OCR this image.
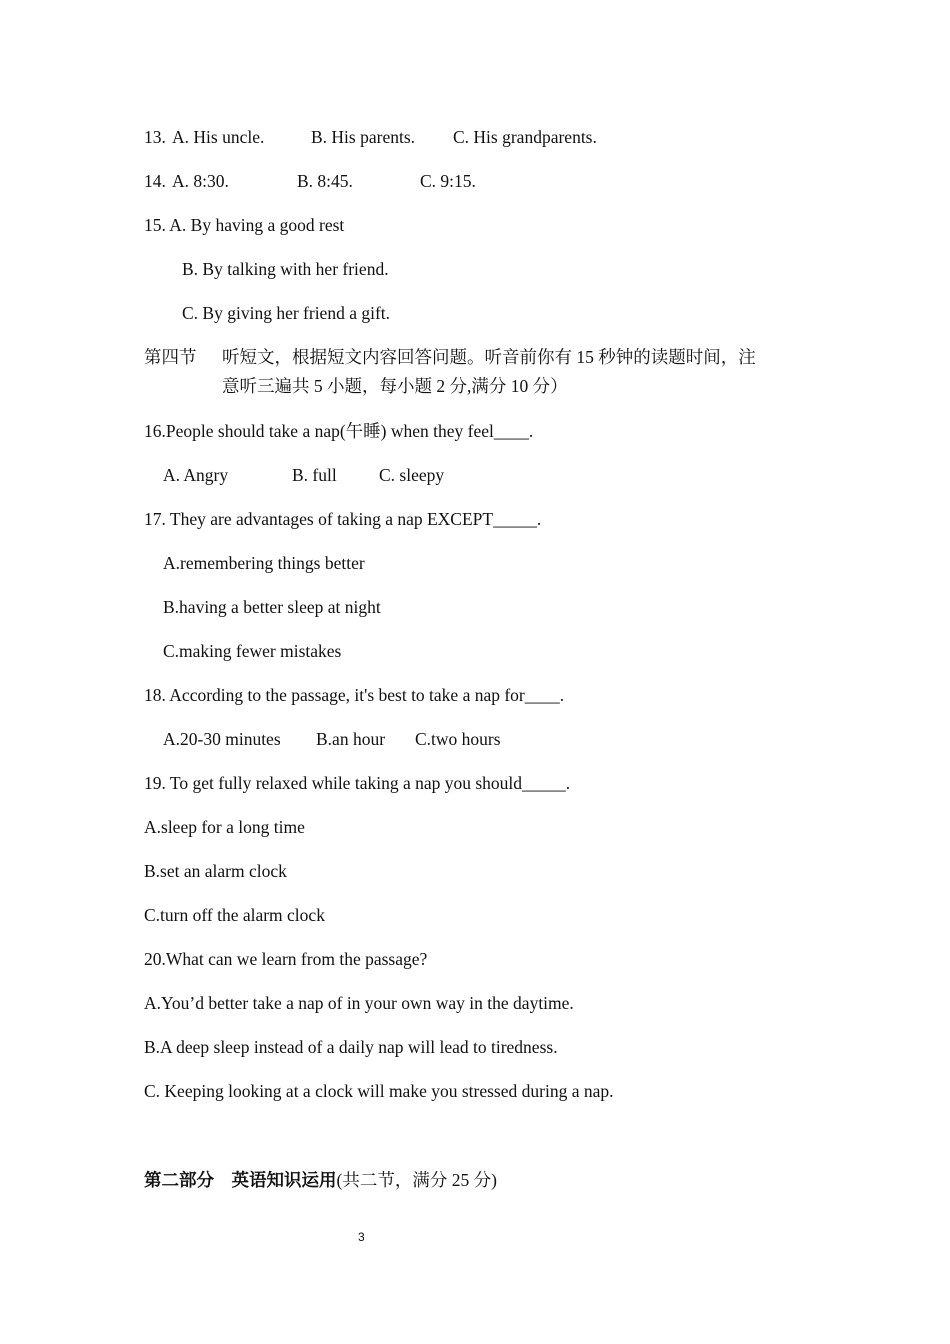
13. A. His uncle.	B. His parents. C. His grandparents.
14. A. 8:30.	B. 8:45.	C. 9:15.
15. A. By having a good rest
B. By talking with her friend.
C. By giving her friend a gift.
第四节 听短文，根据短文内容回答问题。听音前你有 15 秒钟的读题时间，注
意听三遍共 5 小题，每小题 2 分,满分 10 分）
16.People should take a nap(午睡) when they feel____.
A. Angry	B. full C. sleepy
17. They are advantages of taking a nap EXCEPT_____.
A.remembering things better
B.having a better sleep at night
C.making fewer mistakes
18. According to the passage, it's best to take a nap for____.
A.20-30 minutes B.an hour C.two hours
19. To get fully relaxed while taking a nap you should_____.
A.sleep for a long time
B.set an alarm clock
C.turn off the alarm clock
20.What can we learn from the passage?
A.You’d better take a nap of in your own way in the daytime.
B.A deep sleep instead of a daily nap will lead to tiredness.
C. Keeping looking at a clock will make you stressed during a nap.
第二部分    英语知识运用(共二节，满分 25 分)
3
